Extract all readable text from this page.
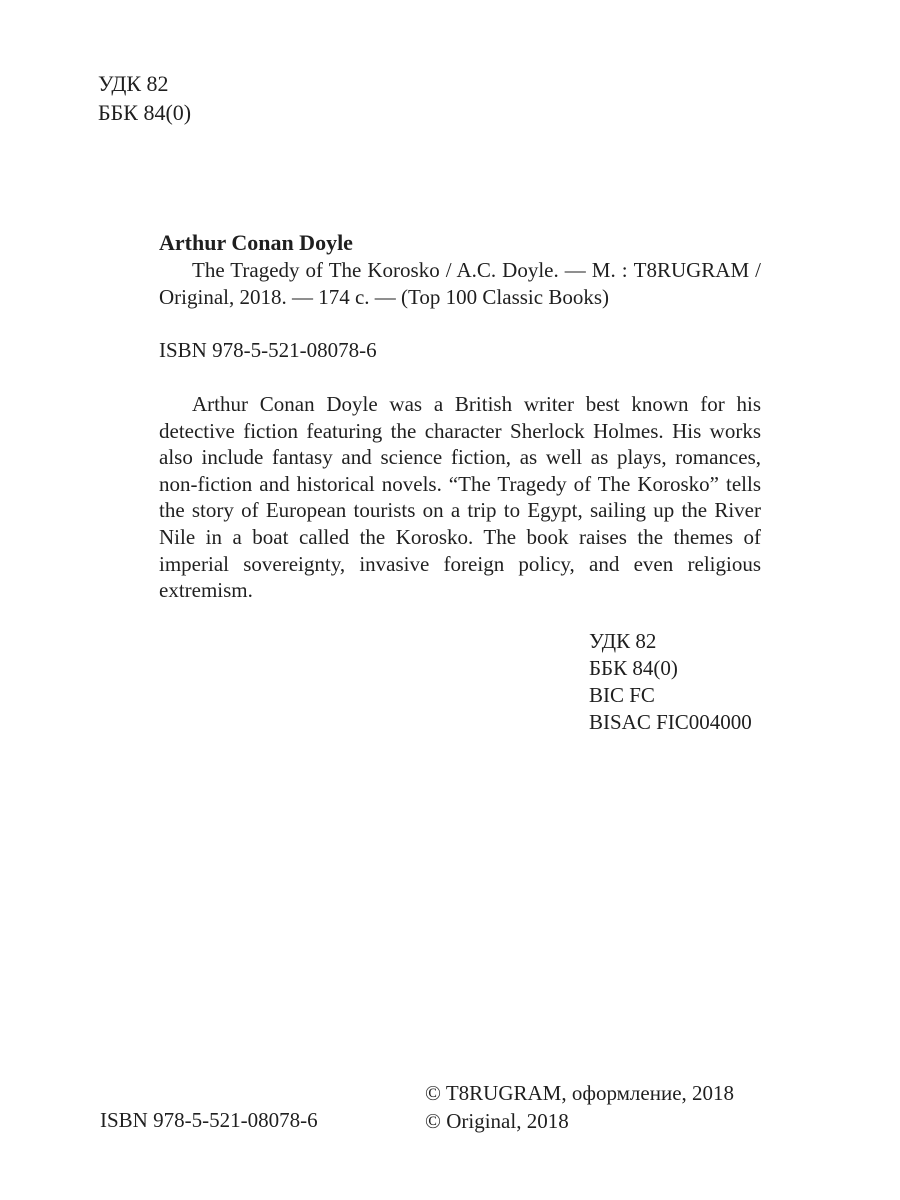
УДК 82
ББК 84(0)

Arthur Conan Doyle

The Tragedy of The Korosko / A.C. Doyle. — М. : T8RUGRAM / Original, 2018. — 174 с. — (Top 100 Classic Books)

ISBN 978-5-521-08078-6

Arthur Conan Doyle was a British writer best known for his detective fiction featuring the character Sherlock Holmes. His works also include fantasy and science fiction, as well as plays, romances, non-fiction and historical novels. “The Tragedy of The Korosko” tells the story of European tourists on a trip to Egypt, sailing up the River Nile in a boat called the Korosko. The book raises the themes of imperial sovereignty, invasive foreign policy, and even religious extremism.

УДК 82
ББК 84(0)
BIC FC
BISAC FIC004000
ISBN 978-5-521-08078-6
© T8RUGRAM, оформление, 2018
© Original, 2018
